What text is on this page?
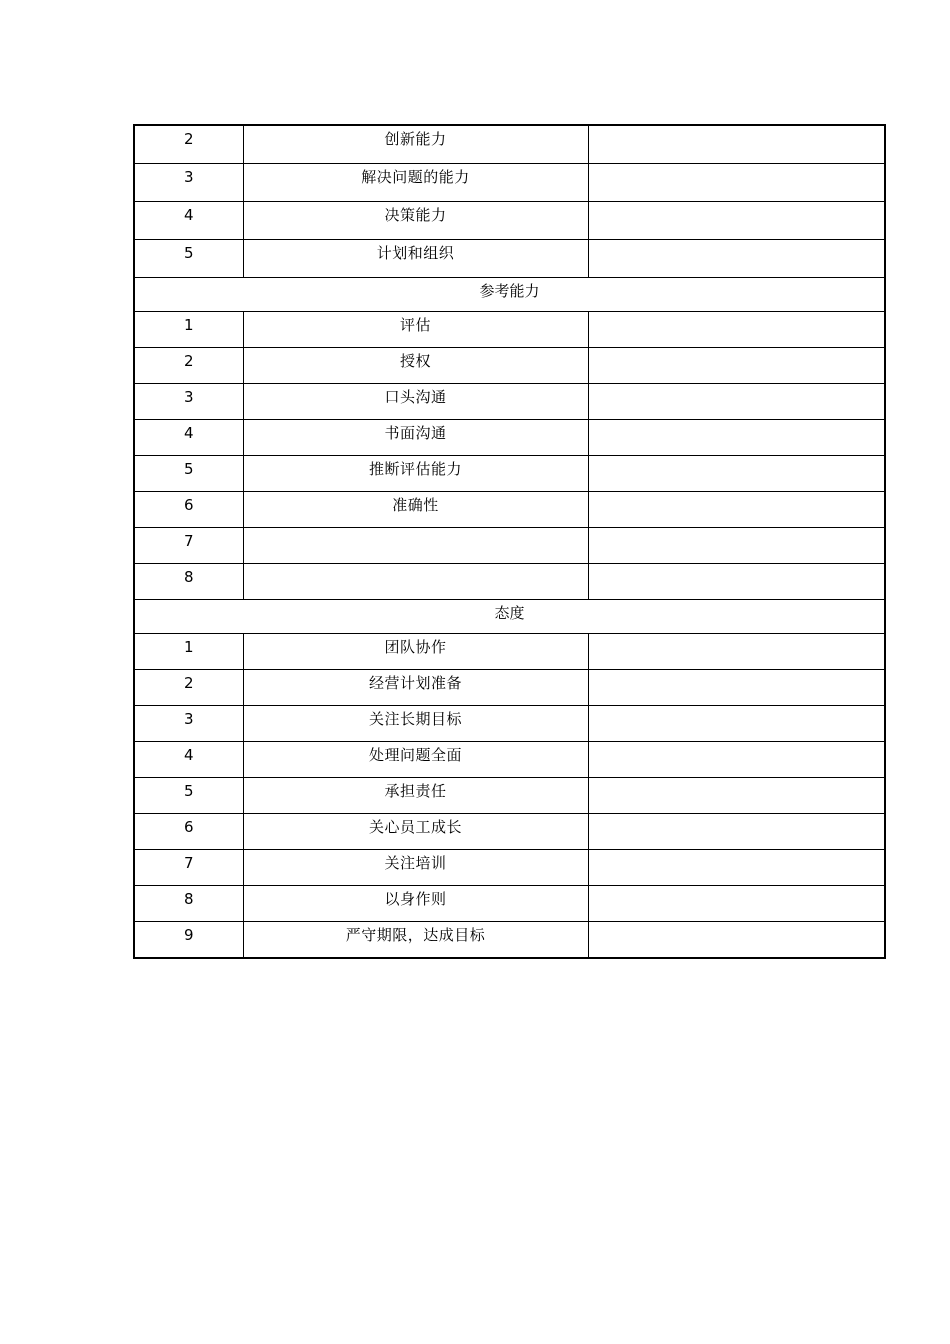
2	创新能力	
3	解决问题的能力	
4	决策能力	
5	计划和组织	
参考能力		
1	评估	
2	授权	
3	口头沟通	
4	书面沟通	
5	推断评估能力	
6	准确性	
7		
8		
态度		
1	团队协作	
2	经营计划准备	
3	关注长期目标	
4	处理问题全面	
5	承担责任	
6	关心员工成长	
7	关注培训	
8	以身作则	
9	严守期限，达成目标	
